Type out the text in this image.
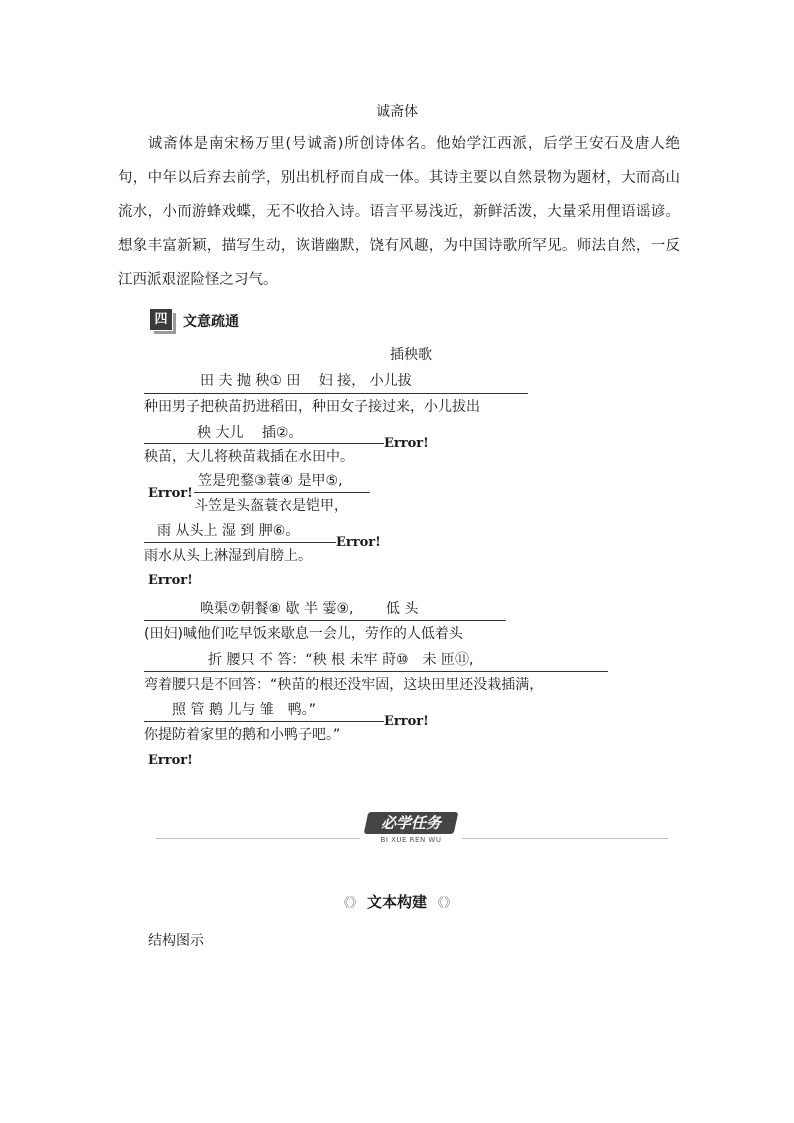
诚斋体
诚斋体是南宋杨万里(号诚斋)所创诗体名。他始学江西派，后学王安石及唐人绝句，中年以后弃去前学，别出机杼而自成一体。其诗主要以自然景物为题材，大而高山流水，小而游蜂戏蝶，无不收拾入诗。语言平易浅近，新鲜活泼，大量采用俚语谣谚。想象丰富新颖，描写生动，诙谐幽默，饶有风趣，为中国诗歌所罕见。师法自然，一反江西派艰涩险怪之习气。
四	文意疏通
插秧歌
田 夫 抛 秧① 田　 妇 接， 小儿拔
种田男子把秧苗扔进稻田，种田女子接过来，小儿拔出
秧 大儿　 插②。
Error!
秧苗，大儿将秧苗栽插在水田中。
Error!
笠是兜鍪③蓑④ 是甲⑤,
斗笠是头盔蓑衣是铠甲，
雨 从头上 湿 到 胛⑥。
Error!
雨水从头上淋湿到肩膀上。
Error!
唤渠⑦朝餐⑧ 歇 半 霎⑨,　　 低 头
(田妇)喊他们吃早饭来歇息一会儿，劳作的人低着头
折 腰只 不 答：“秧 根 未牢 莳⑩　未 匝⑪,
弯着腰只是不回答：“秧苗的根还没牢固，这块田里还没栽插满，
照 管 鹅 儿与 雏　鸭。”
Error!
你提防着家里的鹅和小鸭子吧。”
Error!
必学任务
BI XUE REN WU
《》 文本构建 《》
结构图示
